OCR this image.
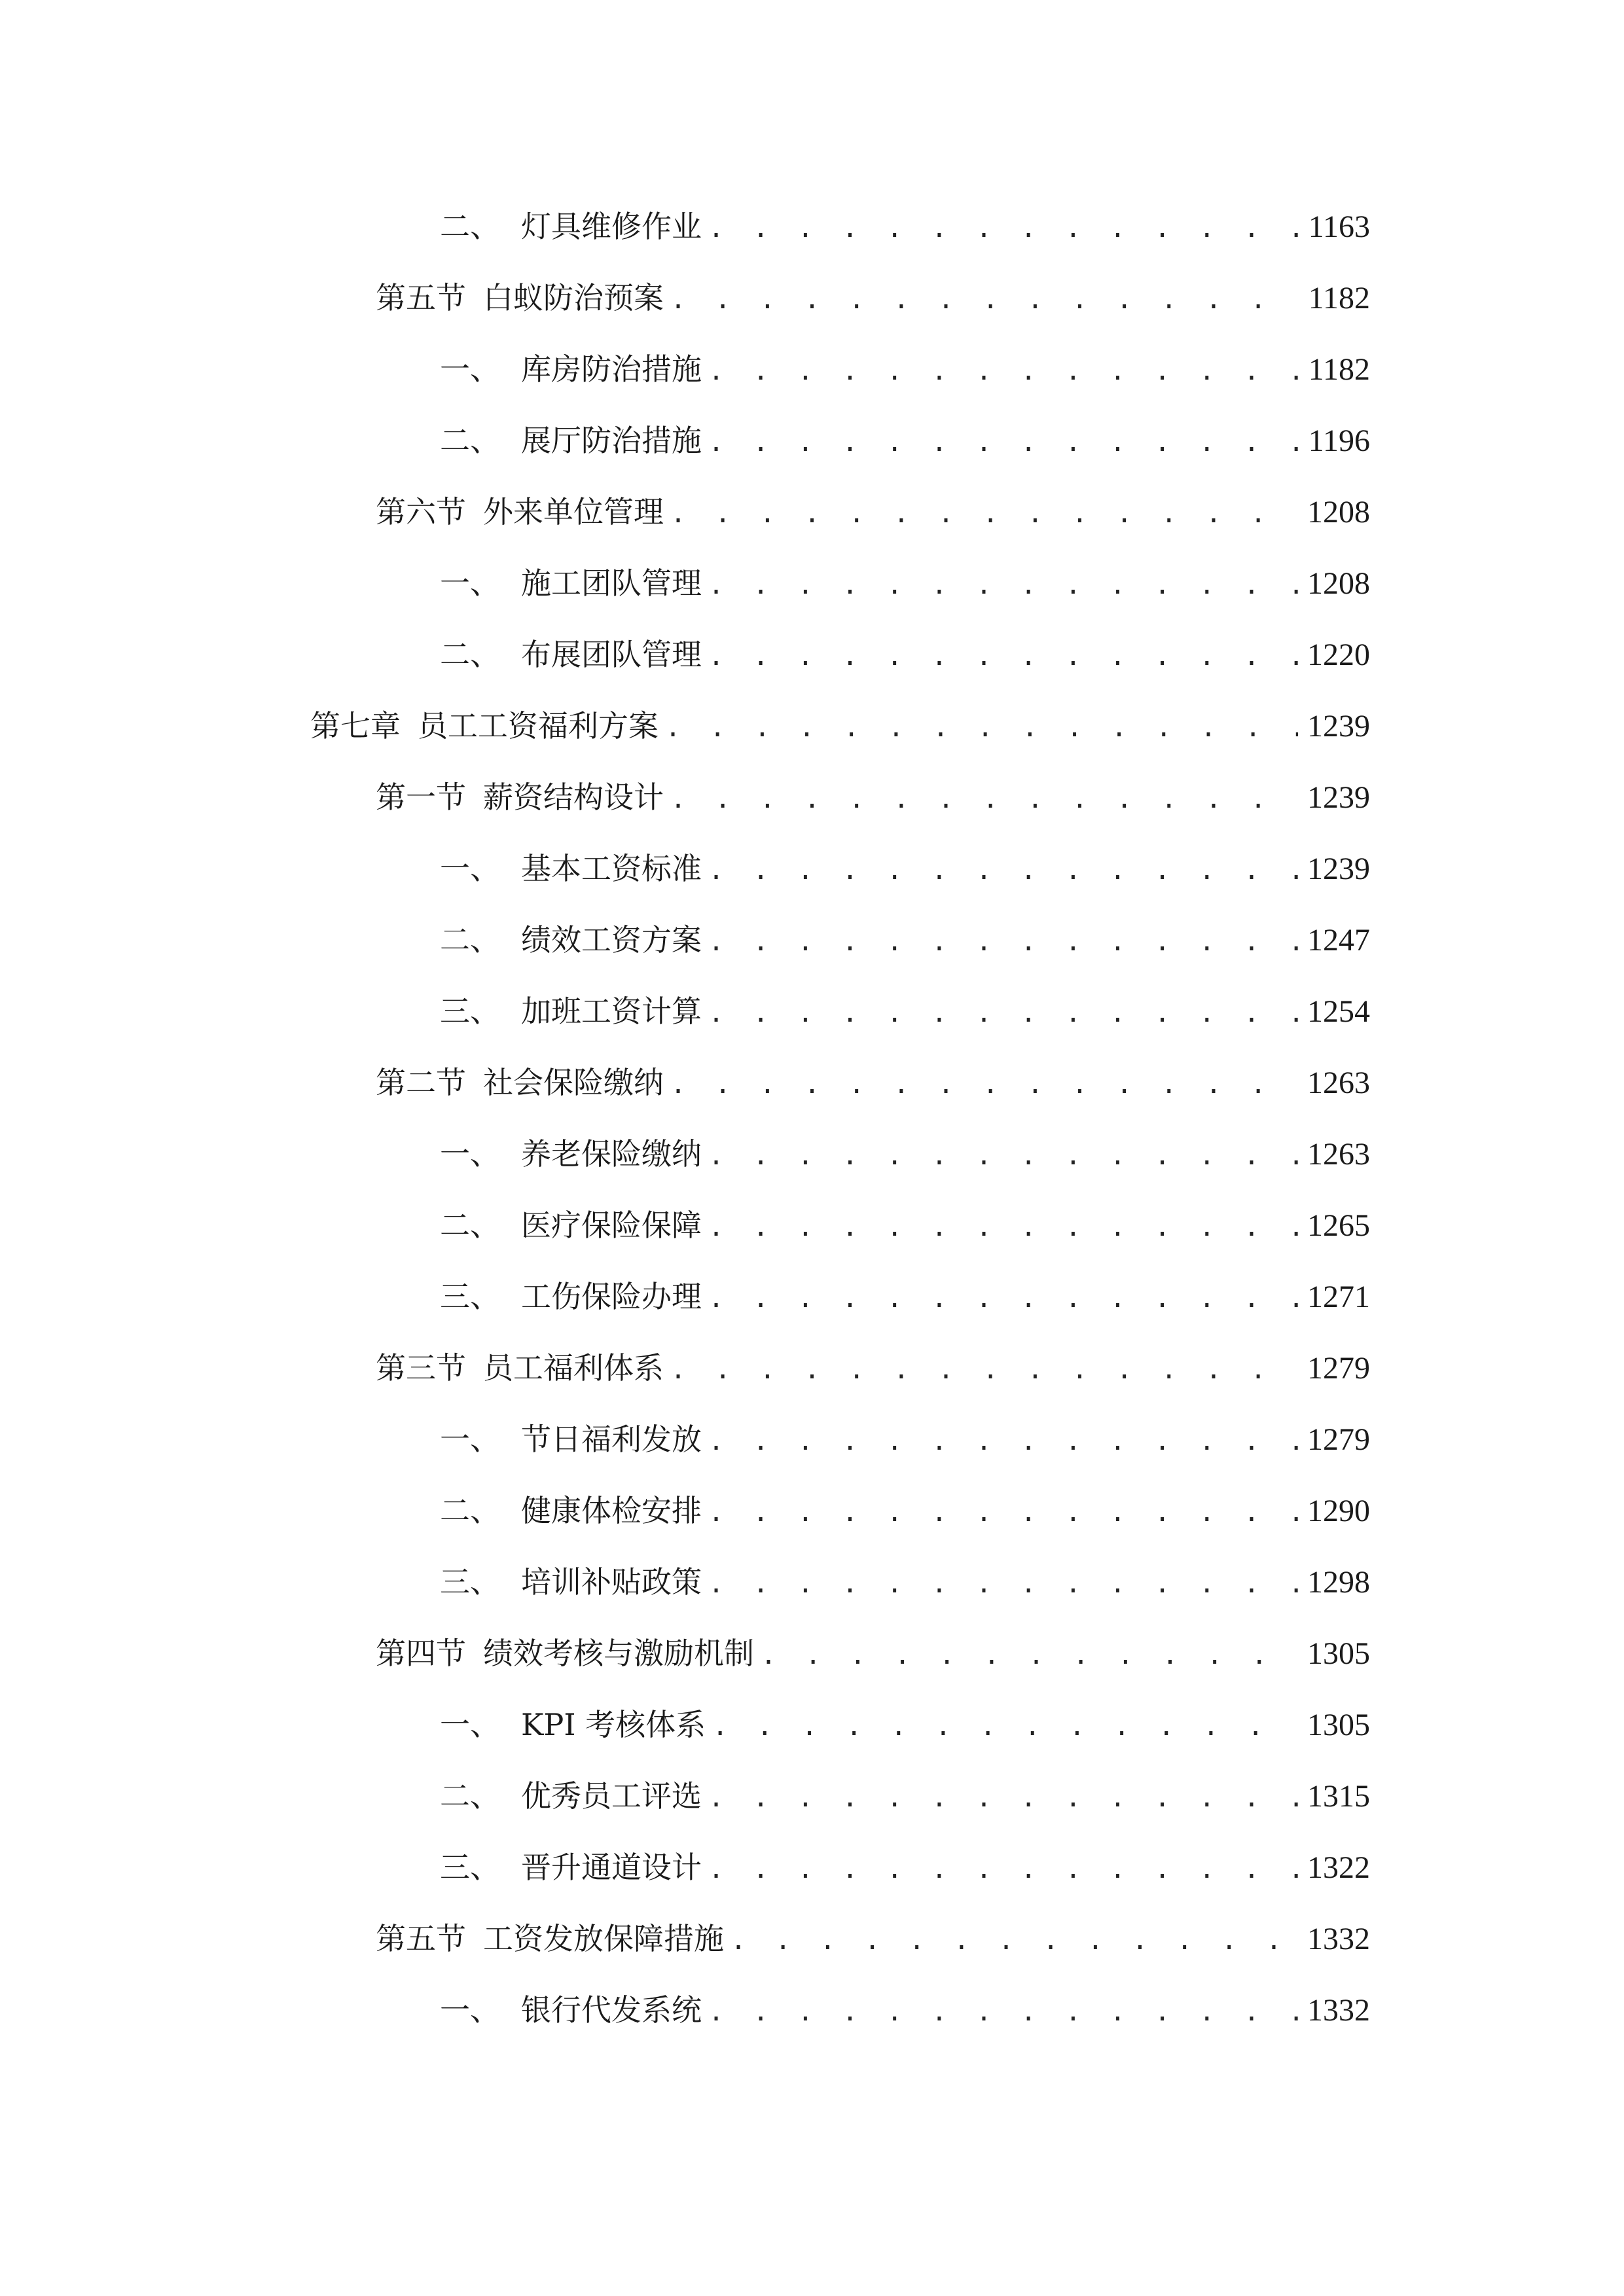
二、 灯具维修作业 . . .	1163
第五节 白蚁防治预案 . . .	1182
一、 库房防治措施 . . .	1182
二、 展厅防治措施 . . .	1196
第六节 外来单位管理 . . .	1208
一、 施工团队管理 . . .	1208
二、 布展团队管理 . . .	1220
第七章 员工工资福利方案 . . .	1239
第一节 薪资结构设计 . . .	1239
一、 基本工资标准 . . .	1239
二、 绩效工资方案 . . .	1247
三、 加班工资计算 . . .	1254
第二节 社会保险缴纳 . . .	1263
一、 养老保险缴纳 . . .	1263
二、 医疗保险保障 . . .	1265
三、 工伤保险办理 . . .	1271
第三节 员工福利体系 . . .	1279
一、 节日福利发放 . . .	1279
二、 健康体检安排 . . .	1290
三、 培训补贴政策 . . .	1298
第四节 绩效考核与激励机制 . . .	1305
一、 KPI 考核体系 . . .	1305
二、 优秀员工评选 . . .	1315
三、 晋升通道设计 . . .	1322
第五节 工资发放保障措施 . . .	1332
一、 银行代发系统 . . .	1332
